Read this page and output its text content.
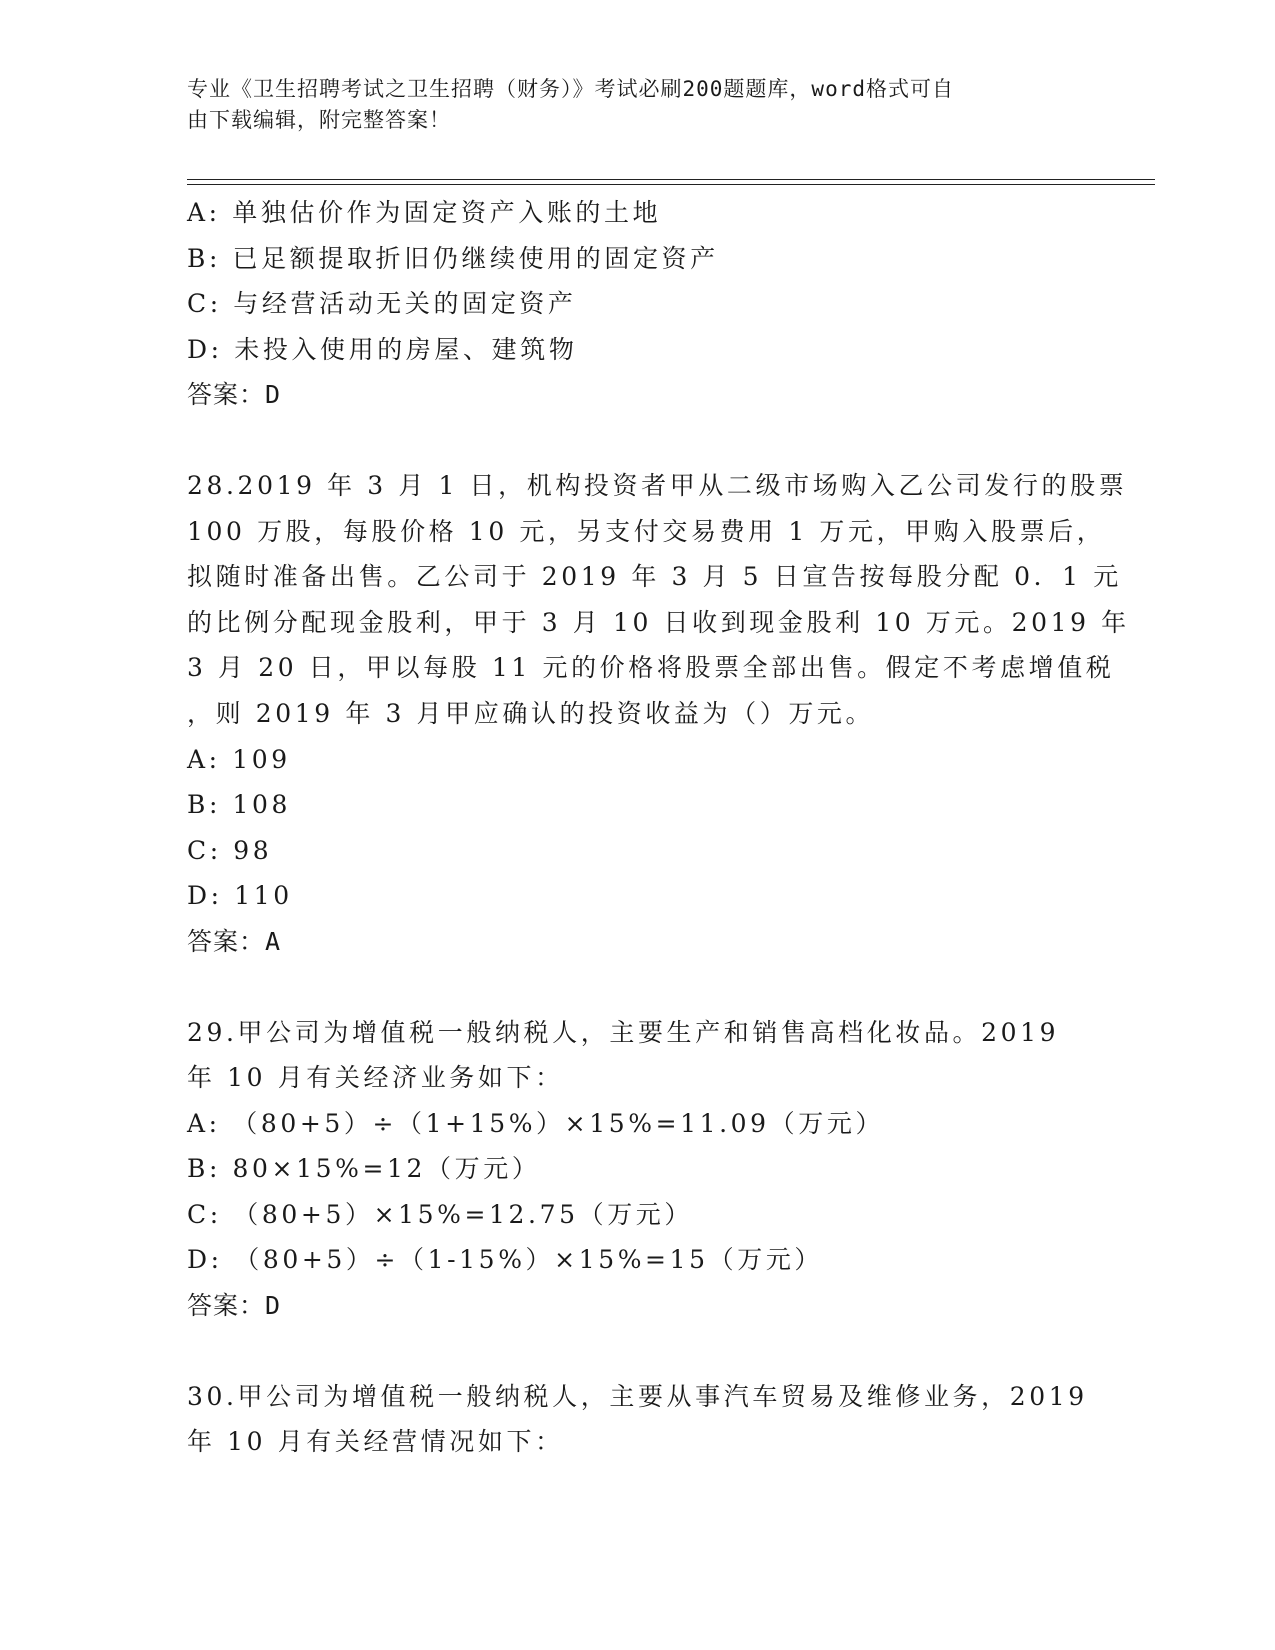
专业《卫生招聘考试之卫生招聘（财务）》考试必刷200题题库，word格式可自
由下载编辑，附完整答案！
A: 单独估价作为固定资产入账的土地
B: 已足额提取折旧仍继续使用的固定资产
C: 与经营活动无关的固定资产
D: 未投入使用的房屋、建筑物
答案：D
28.2019 年 3 月 1 日，机构投资者甲从二级市场购入乙公司发行的股票
100 万股，每股价格 10 元，另支付交易费用 1 万元，甲购入股票后，
拟随时准备出售。乙公司于 2019 年 3 月 5 日宣告按每股分配 0．1 元
的比例分配现金股利，甲于 3 月 10 日收到现金股利 10 万元。2019 年
3 月 20 日，甲以每股 11 元的价格将股票全部出售。假定不考虑增值税
，则 2019 年 3 月甲应确认的投资收益为（）万元。
A: 109
B: 108
C: 98
D: 110
答案：A
29.甲公司为增值税一般纳税人，主要生产和销售高档化妆品。2019
年 10 月有关经济业务如下：
A: （80+5）÷（1+15%）×15%=11.09（万元）
B: 80×15%=12（万元）
C: （80+5）×15%=12.75（万元）
D: （80+5）÷（1-15%）×15%=15（万元）
答案：D
30.甲公司为增值税一般纳税人，主要从事汽车贸易及维修业务，2019
年 10 月有关经营情况如下：
